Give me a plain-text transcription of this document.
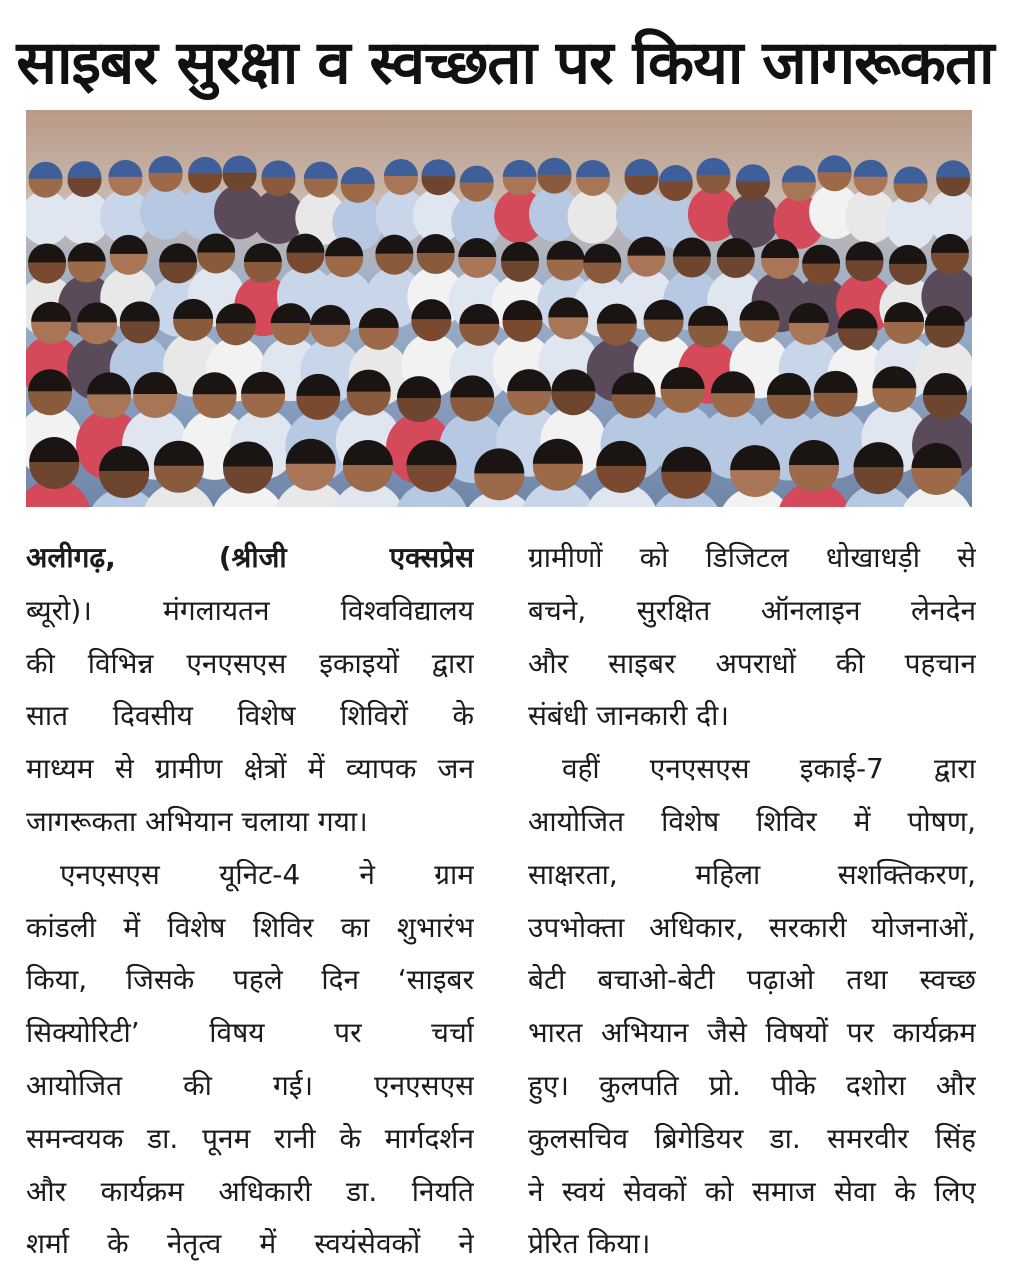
साइबर सुरक्षा व स्वच्छता पर किया जागरूकता
अलीगढ़, (श्रीजी एक्सप्रेस
ब्यूरो)। मंगलायतन विश्वविद्यालय
की विभिन्न एनएसएस इकाइयों द्वारा
सात दिवसीय विशेष शिविरों के
माध्यम से ग्रामीण क्षेत्रों में व्यापक जन
जागरूकता अभियान चलाया गया।
एनएसएस यूनिट-4 ने ग्राम
कांडली में विशेष शिविर का शुभारंभ
किया, जिसके पहले दिन ‘साइबर
सिक्योरिटी’ विषय पर चर्चा
आयोजित की गई। एनएसएस
समन्वयक डा. पूनम रानी के मार्गदर्शन
और कार्यक्रम अधिकारी डा. नियति
शर्मा के नेतृत्व में स्वयंसेवकों ने
ग्रामीणों को डिजिटल धोखाधड़ी से
बचने, सुरक्षित ऑनलाइन लेनदेन
और साइबर अपराधों की पहचान
संबंधी जानकारी दी।
वहीं एनएसएस इकाई-7 द्वारा
आयोजित विशेष शिविर में पोषण,
साक्षरता, महिला सशक्तिकरण,
उपभोक्ता अधिकार, सरकारी योजनाओं,
बेटी बचाओ-बेटी पढ़ाओ तथा स्वच्छ
भारत अभियान जैसे विषयों पर कार्यक्रम
हुए। कुलपति प्रो. पीके दशोरा और
कुलसचिव ब्रिगेडियर डा. समरवीर सिंह
ने स्वयं सेवकों को समाज सेवा के लिए
प्रेरित किया।
